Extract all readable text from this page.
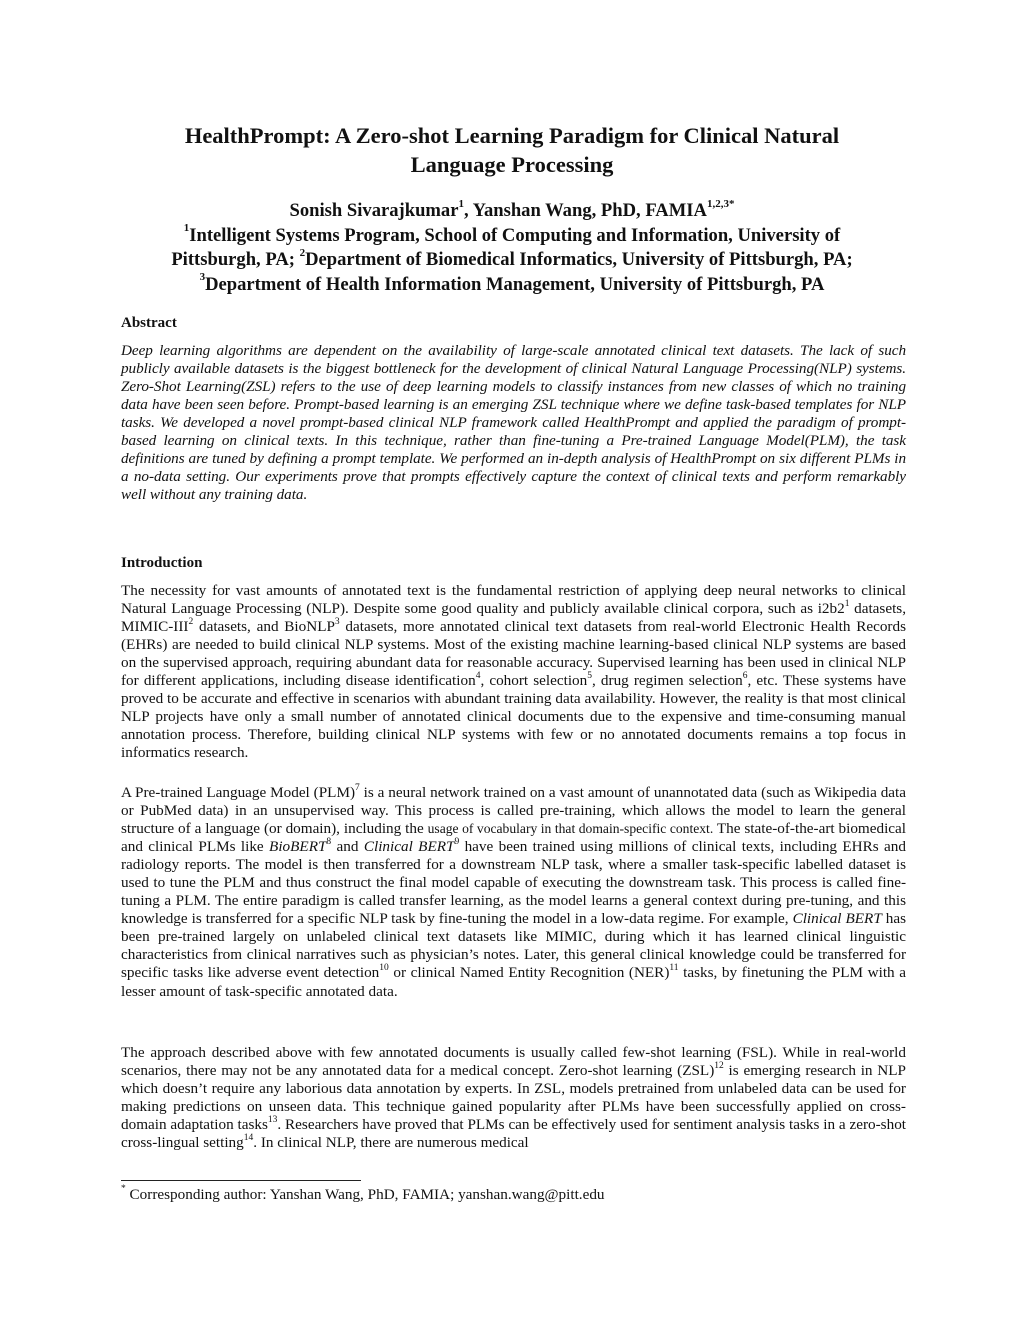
HealthPrompt: A Zero-shot Learning Paradigm for Clinical Natural
Language Processing
Sonish Sivarajkumar$^1$, Yanshan Wang, PhD, $FAMIA^{1,2,3*}$
$^1$Intelligent Systems Program, School of Computing and Information, University of
Pittsburgh, PA; $^2$Department of Biomedical Informatics, University of Pittsburgh, PA;
$^3$Department of Health Information Management, University of Pittsburgh, PA
Abstract

Deep learning algorithms are dependent on the availability of large-scale annotated clinical text datasets. The lack of such publicly available datasets is the biggest bottleneck for the development of clinical Natural Language Processing(NLP) systems. Zero-Shot Learning(ZSL) refers to the use of deep learning models to classify instances from new classes of which no training data have been seen before. Prompt-based learning is an emerging ZSL technique where we define task-based templates for NLP tasks. We developed a novel prompt-based clinical NLP framework called HealthPrompt and applied the paradigm of prompt-based learning on clinical texts. In this technique, rather than fine-tuning a Pre-trained Language Model(PLM), the task definitions are tuned by defining a prompt template. We performed an in-depth analysis of HealthPrompt on six different PLMs in a no-data setting. Our experiments prove that prompts effectively capture the context of clinical texts and perform remarkably well without any training data.

Introduction

The necessity for vast amounts of annotated text is the fundamental restriction of applying deep neural networks to clinical Natural Language Processing (NLP). Despite some good quality and publicly available clinical corpora, such as $i2b2^1$ datasets, MIMIC-III$^2$ datasets, and BioNLP$^3$ datasets, more annotated clinical text datasets from real-world Electronic Health Records (EHRs) are needed to build clinical NLP systems. Most of the existing machine learning-based clinical NLP systems are based on the supervised approach, requiring abundant data for reasonable accuracy. Supervised learning has been used in clinical NLP for different applications, including disease identification$^4$, cohort selection$^5$, drug regimen selection$^6$, etc. These systems have proved to be accurate and effective in scenarios with abundant training data availability. However, the reality is that most clinical NLP projects have only a small number of annotated clinical documents due to the expensive and time-consuming manual annotation process. Therefore, building clinical NLP systems with few or no annotated documents remains a top focus in informatics research.

A Pre-trained Language Model (PLM)$^7$ is a neural network trained on a vast amount of unannotated data (such as Wikipedia data or PubMed data) in an unsupervised way. This process is called pre-training, which allows the model to learn the general structure of a language (or domain), including the usage of vocabulary in that domain-specific context. The state-of-the-art biomedical and clinical PLMs like BioBERT$^8$ and Clinical BERT$^9$ have been trained using millions of clinical texts, including EHRs and radiology reports. The model is then transferred for a downstream NLP task, where a smaller task-specific labelled dataset is used to tune the PLM and thus construct the final model capable of executing the downstream task. This process is called fine-tuning a PLM. The entire paradigm is called transfer learning, as the model learns a general context during pre-tuning, and this knowledge is transferred for a specific NLP task by fine-tuning the model in a low-data regime. For example, Clinical BERT has been pre-trained largely on unlabeled clinical text datasets like MIMIC, during which it has learned clinical linguistic characteristics from clinical narratives such as physician’s notes. Later, this general clinical knowledge could be transferred for specific tasks like adverse event detection$^{10}$ or clinical Named Entity Recognition (NER)$^{11}$ tasks, by finetuning the PLM with a lesser amount of task-specific annotated data.

The approach described above with few annotated documents is usually called few-shot learning (FSL). While in real-world scenarios, there may not be any annotated data for a medical concept. Zero-shot learning (ZSL)$^{12}$ is emerging research in NLP which doesn’t require any laborious data annotation by experts. In ZSL, models pretrained from unlabeled data can be used for making predictions on unseen data. This technique gained popularity after PLMs have been successfully applied on cross-domain adaptation tasks$^{13}$. Researchers have proved that PLMs can be effectively used for sentiment analysis tasks in a zero-shot cross-lingual setting$^{14}$. In clinical NLP, there are numerous medical

* Corresponding author: Yanshan Wang, PhD, FAMIA; yanshan.wang@pitt.edu
